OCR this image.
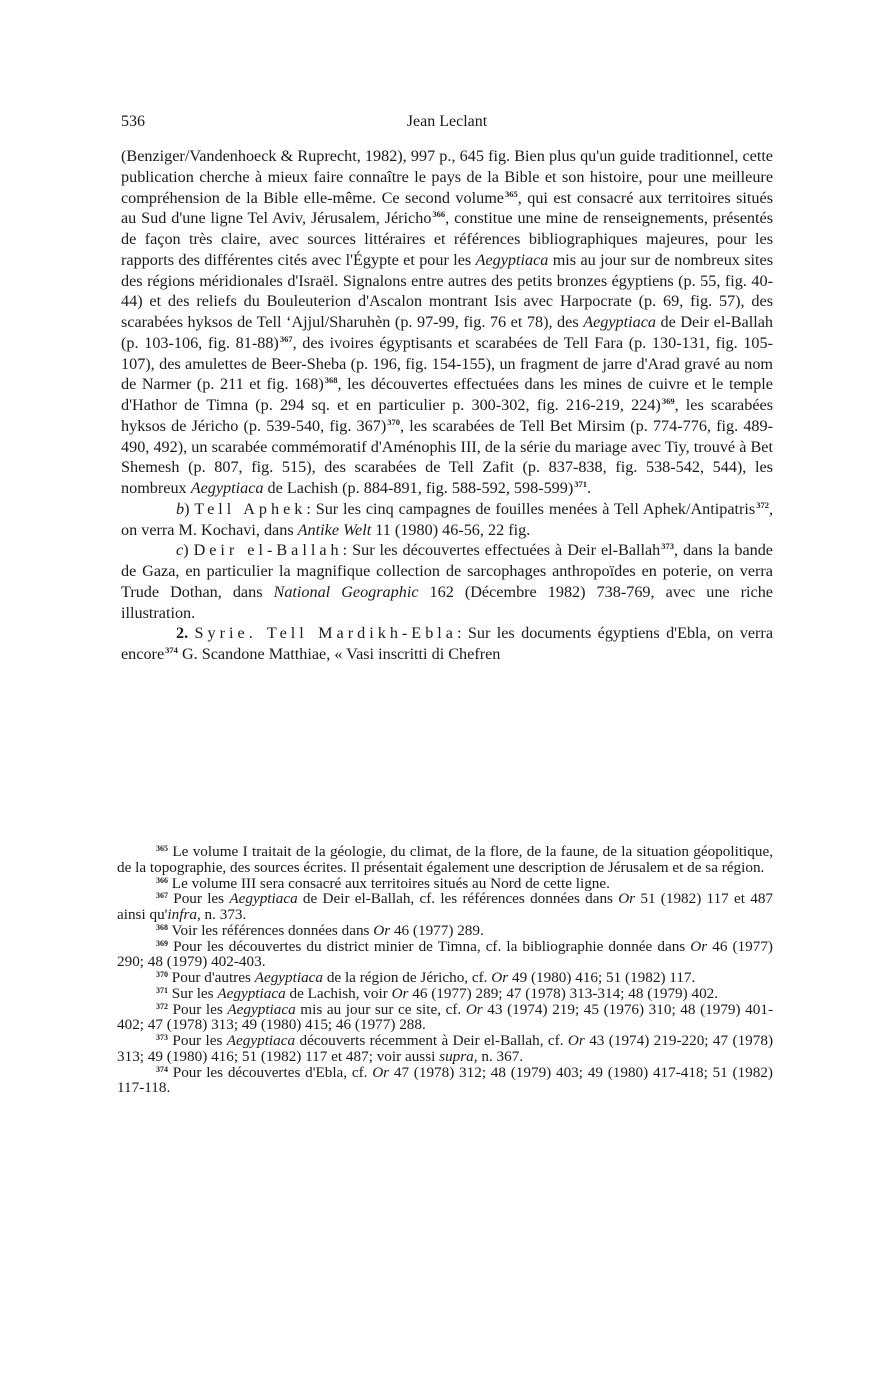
536	Jean Leclant

(Benziger/Vandenhoeck & Ruprecht, 1982), 997 p., 645 fig. Bien plus qu'un guide traditionnel, cette publication cherche à mieux faire connaître le pays de la Bible et son histoire, pour une meilleure compréhension de la Bible elle-même. Ce second volume$^{365}$, qui est consacré aux territoires situés au Sud d'une ligne Tel Aviv, Jérusalem, Jéricho$^{366}$, constitue une mine de renseignements, présentés de façon très claire, avec sources littéraires et références bibliographiques majeures, pour les rapports des différentes cités avec l'Égypte et pour les Aegyptiaca mis au jour sur de nombreux sites des régions méridionales d'Israël. Signalons entre autres des petits bronzes égyptiens (p. 55, fig. 40-44) et des reliefs du Bouleuterion d'Ascalon montrant Isis avec Harpocrate (p. 69, fig. 57), des scarabées hyksos de Tell ‘Ajjul/Sharuhèn (p. 97-99, fig. 76 et 78), des Aegyptiaca de Deir el-Ballah (p. 103-106, fig. 81-88)$^{367}$, des ivoires égyptisants et scarabées de Tell Fara (p. 130-131, fig. 105-107), des amulettes de Beer-Sheba (p. 196, fig. 154-155), un fragment de jarre d'Arad gravé au nom de Narmer (p. 211 et fig. 168)$^{368}$, les découvertes effectuées dans les mines de cuivre et le temple d'Hathor de Timna (p. 294 sq. et en particulier p. 300-302, fig. 216-219, 224)$^{369}$, les scarabées hyksos de Jéricho (p. 539-540, fig. 367)$^{370}$, les scarabées de Tell Bet Mirsim (p. 774-776, fig. 489-490, 492), un scarabée commémoratif d'Aménophis III, de la série du mariage avec Tiy, trouvé à Bet Shemesh (p. 807, fig. 515), des scarabées de Tell Zafit (p. 837-838, fig. 538-542, 544), les nombreux Aegyptiaca de Lachish (p. 884-891, fig. 588-592, 598-599)$^{371}$.

b) Tell Aphek: Sur les cinq campagnes de fouilles menées à Tell Aphek/Antipatris$^{372}$, on verra M. Kochavi, dans Antike Welt 11 (1980) 46-56, 22 fig.

c) Deir el-Ballah: Sur les découvertes effectuées à Deir el-Ballah$^{373}$, dans la bande de Gaza, en particulier la magnifique collection de sarcophages anthropoïdes en poterie, on verra Trude Dothan, dans National Geographic 162 (Décembre 1982) 738-769, avec une riche illustration.

2. Syrie. Tell Mardikh-Ebla: Sur les documents égyptiens d'Ebla, on verra encore$^{374}$ G. Scandone Matthiae, « Vasi inscritti di Chefren

$^{365}$ Le volume I traitait de la géologie, du climat, de la flore, de la faune, de la situation géopolitique, de la topographie, des sources écrites. Il présentait également une description de Jérusalem et de sa région.

$^{366}$ Le volume III sera consacré aux territoires situés au Nord de cette ligne.

$^{367}$ Pour les Aegyptiaca de Deir el-Ballah, cf. les références données dans Or 51 (1982) 117 et 487 ainsi qu'infra, n. 373.

$^{368}$ Voir les références données dans Or 46 (1977) 289.

$^{369}$ Pour les découvertes du district minier de Timna, cf. la bibliographie donnée dans Or 46 (1977) 290; 48 (1979) 402-403.

$^{370}$ Pour d'autres Aegyptiaca de la région de Jéricho, cf. Or 49 (1980) 416; 51 (1982) 117.

$^{371}$ Sur les Aegyptiaca de Lachish, voir Or 46 (1977) 289; 47 (1978) 313-314; 48 (1979) 402.

$^{372}$ Pour les Aegyptiaca mis au jour sur ce site, cf. Or 43 (1974) 219; 45 (1976) 310; 48 (1979) 401-402; 47 (1978) 313; 49 (1980) 415; 46 (1977) 288.

$^{373}$ Pour les Aegyptiaca découverts récemment à Deir el-Ballah, cf. Or 43 (1974) 219-220; 47 (1978) 313; 49 (1980) 416; 51 (1982) 117 et 487; voir aussi supra, n. 367.

$^{374}$ Pour les découvertes d'Ebla, cf. Or 47 (1978) 312; 48 (1979) 403; 49 (1980) 417-418; 51 (1982) 117-118.
